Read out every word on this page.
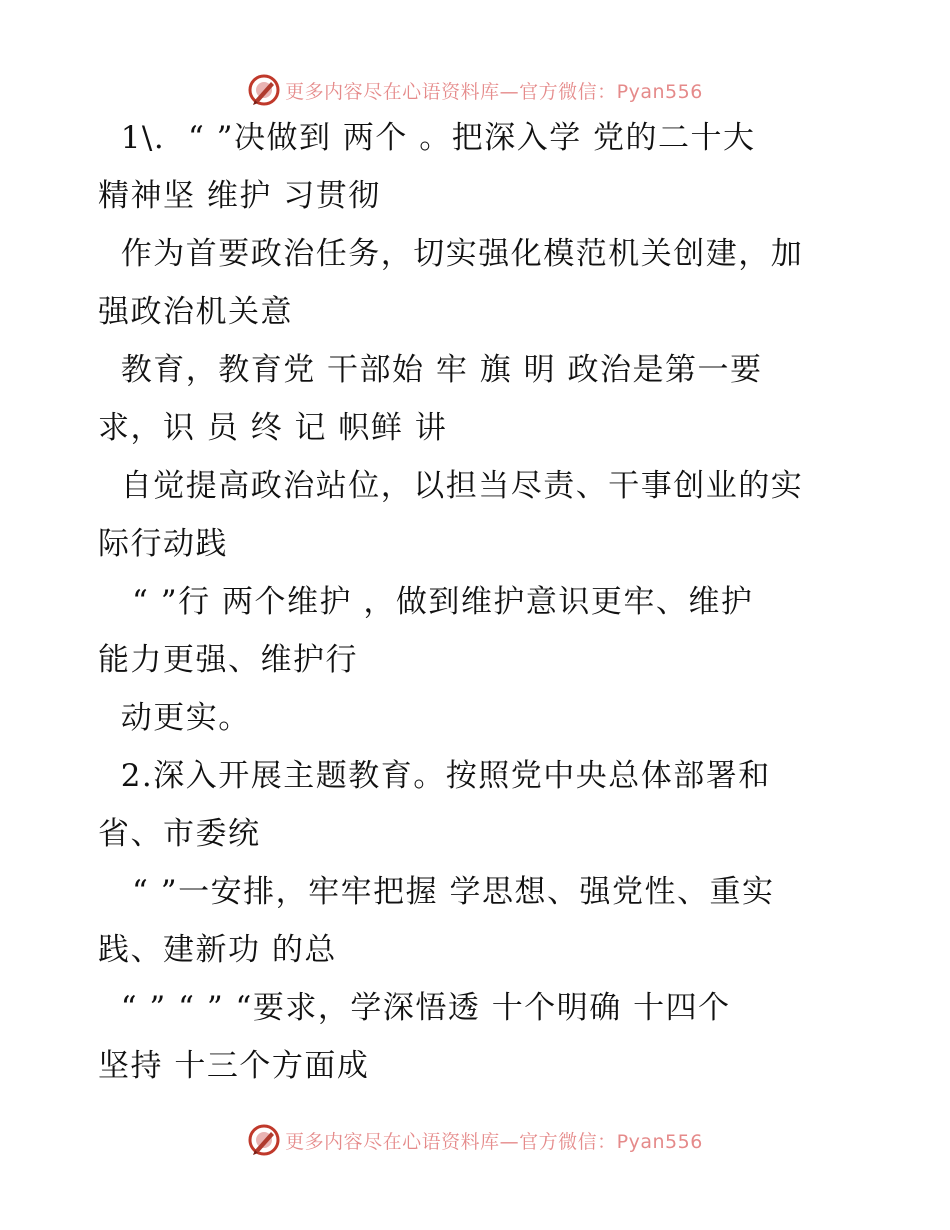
更多内容尽在心语资料库—官方微信：Pyan556
1\.  “ ”决做到 两个 。把深入学 党的二十大
精神坚 维护 习贯彻
作为首要政治任务，切实强化模范机关创建，加
强政治机关意
教育，教育党 干部始 牢 旗 明 政治是第一要
求，识 员 终 记 帜鲜 讲
自觉提高政治站位，以担当尽责、干事创业的实
际行动践
“ ”行 两个维护 ，做到维护意识更牢、维护
能力更强、维护行
动更实。
2.深入开展主题教育。按照党中央总体部署和
省、市委统
“ ”一安排，牢牢把握 学思想、强党性、重实
践、建新功 的总
“ ” “ ” “要求，学深悟透 十个明确 十四个
坚持 十三个方面成
更多内容尽在心语资料库—官方微信：Pyan556
